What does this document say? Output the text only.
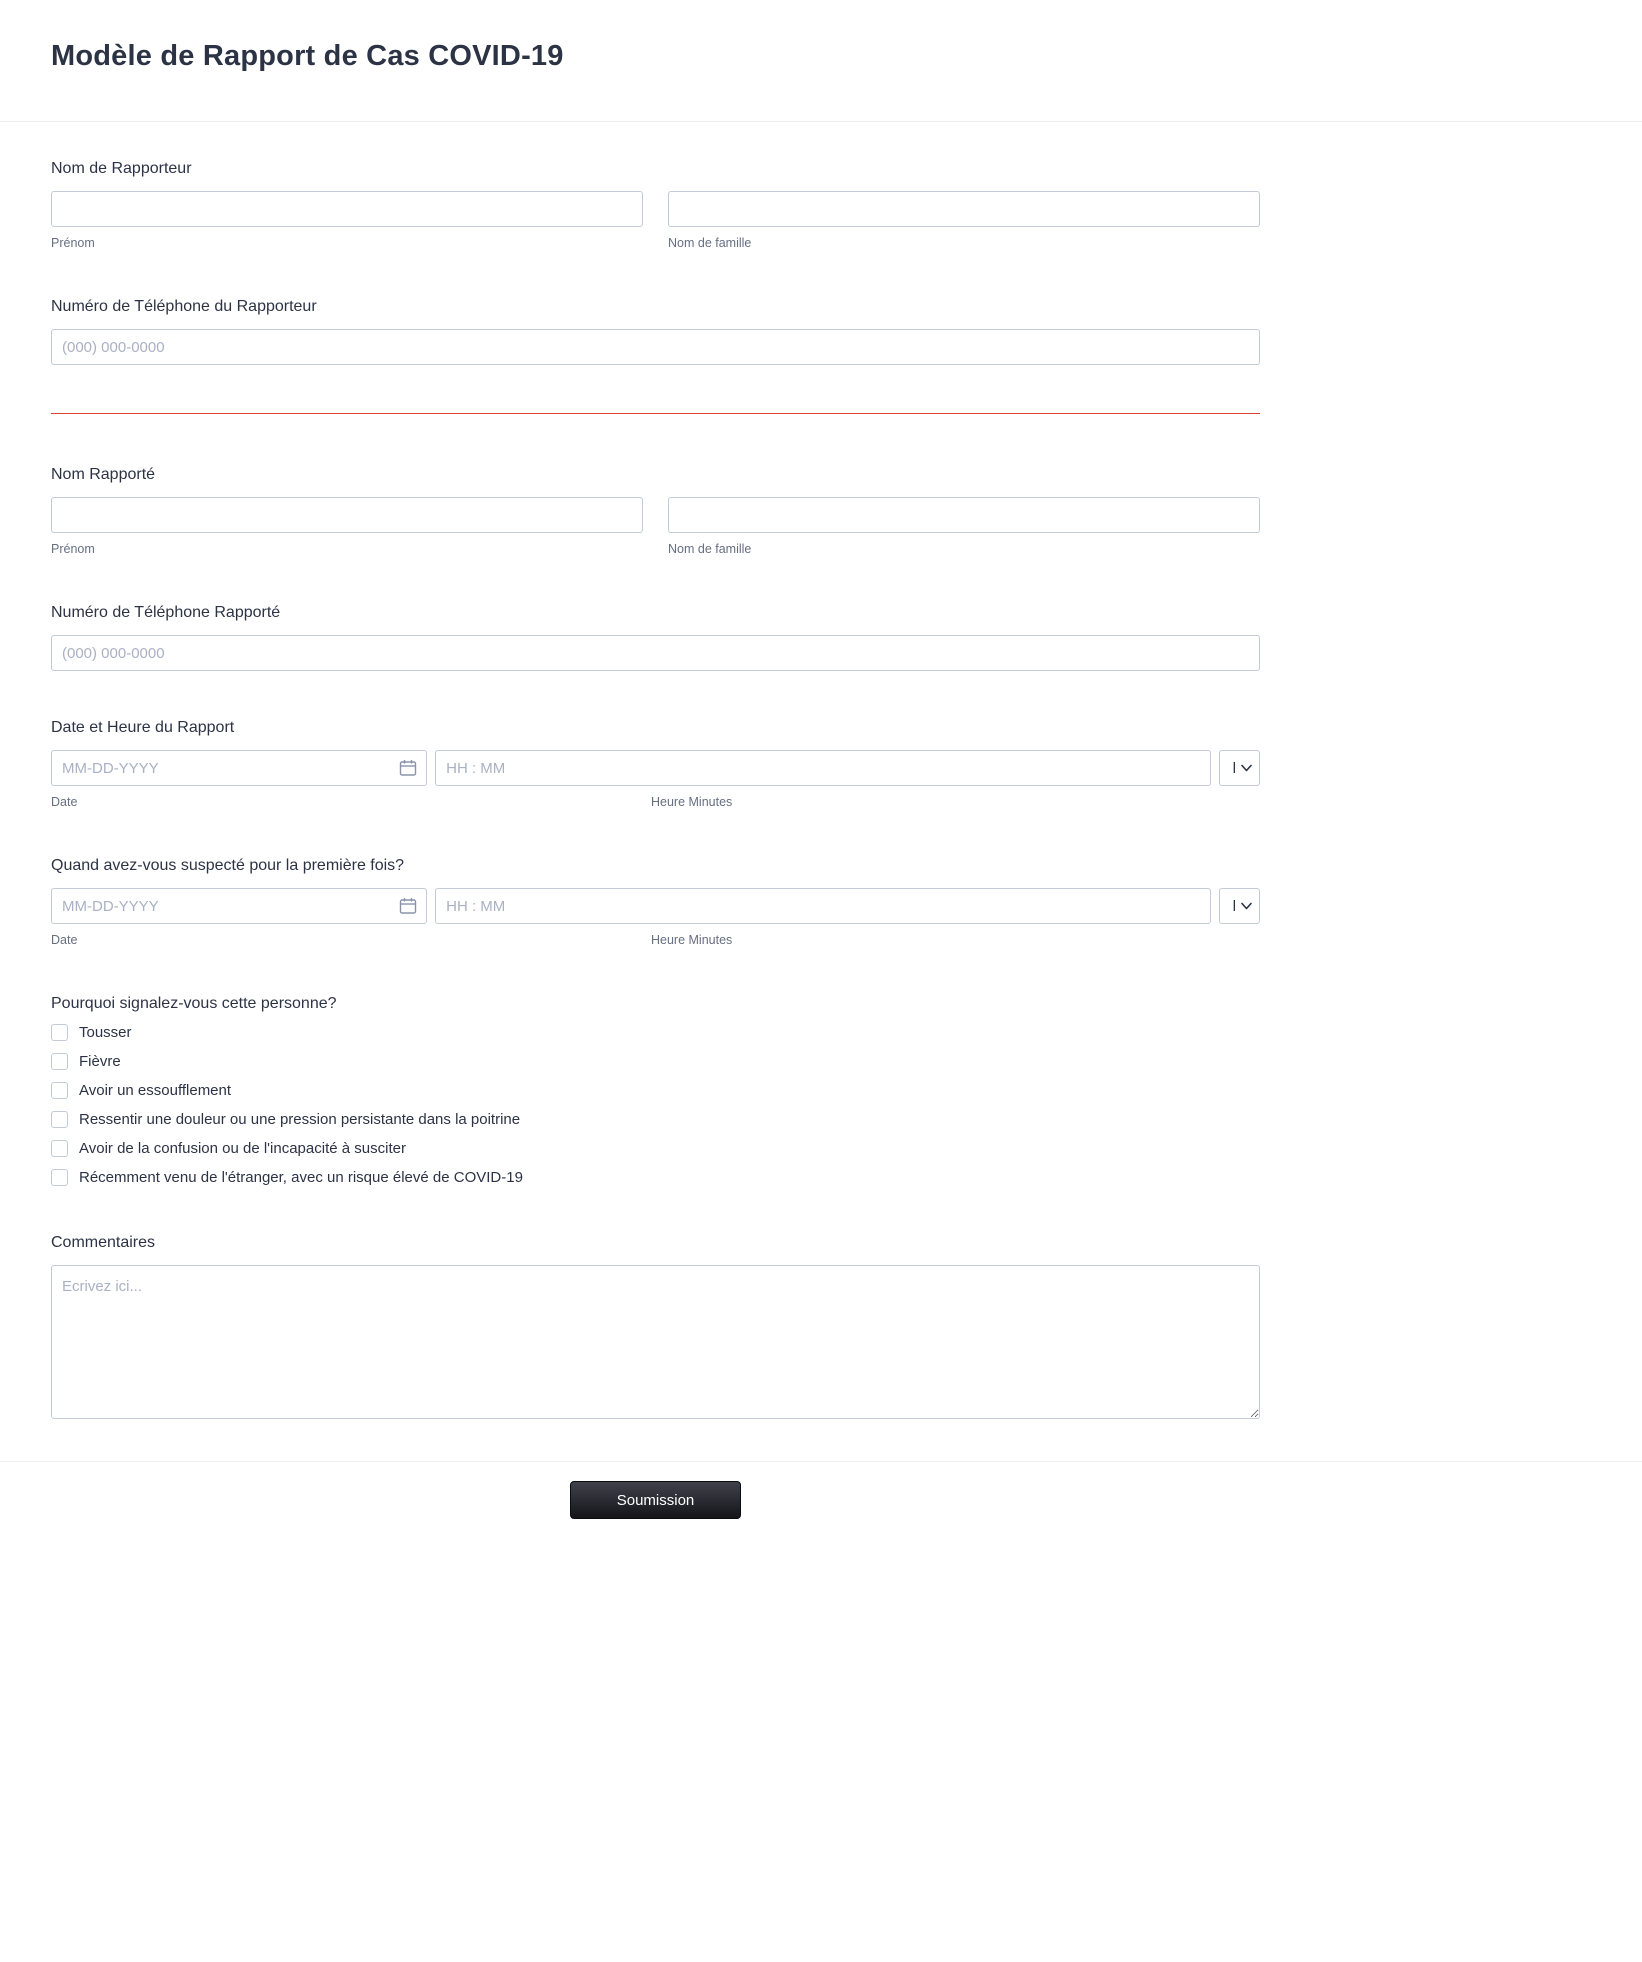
Modèle de Rapport de Cas COVID-19
Nom de Rapporteur
Prénom	Nom de famille
Numéro de Téléphone du Rapporteur
(000) 000-0000
Nom Rapporté
Prénom	Nom de famille
Numéro de Téléphone Rapporté
(000) 000-0000
Date et Heure du Rapport
MM-DD-YYYY
HH : MM
PM
Date	Heure Minutes
Quand avez-vous suspecté pour la première fois?
MM-DD-YYYY
HH : MM
PM
Date	Heure Minutes
Pourquoi signalez-vous cette personne?
Tousser
Fièvre
Avoir un essoufflement
Ressentir une douleur ou une pression persistante dans la poitrine
Avoir de la confusion ou de l'incapacité à susciter
Récemment venu de l'étranger, avec un risque élevé de COVID-19
Commentaires
Ecrivez ici...
Soumission
